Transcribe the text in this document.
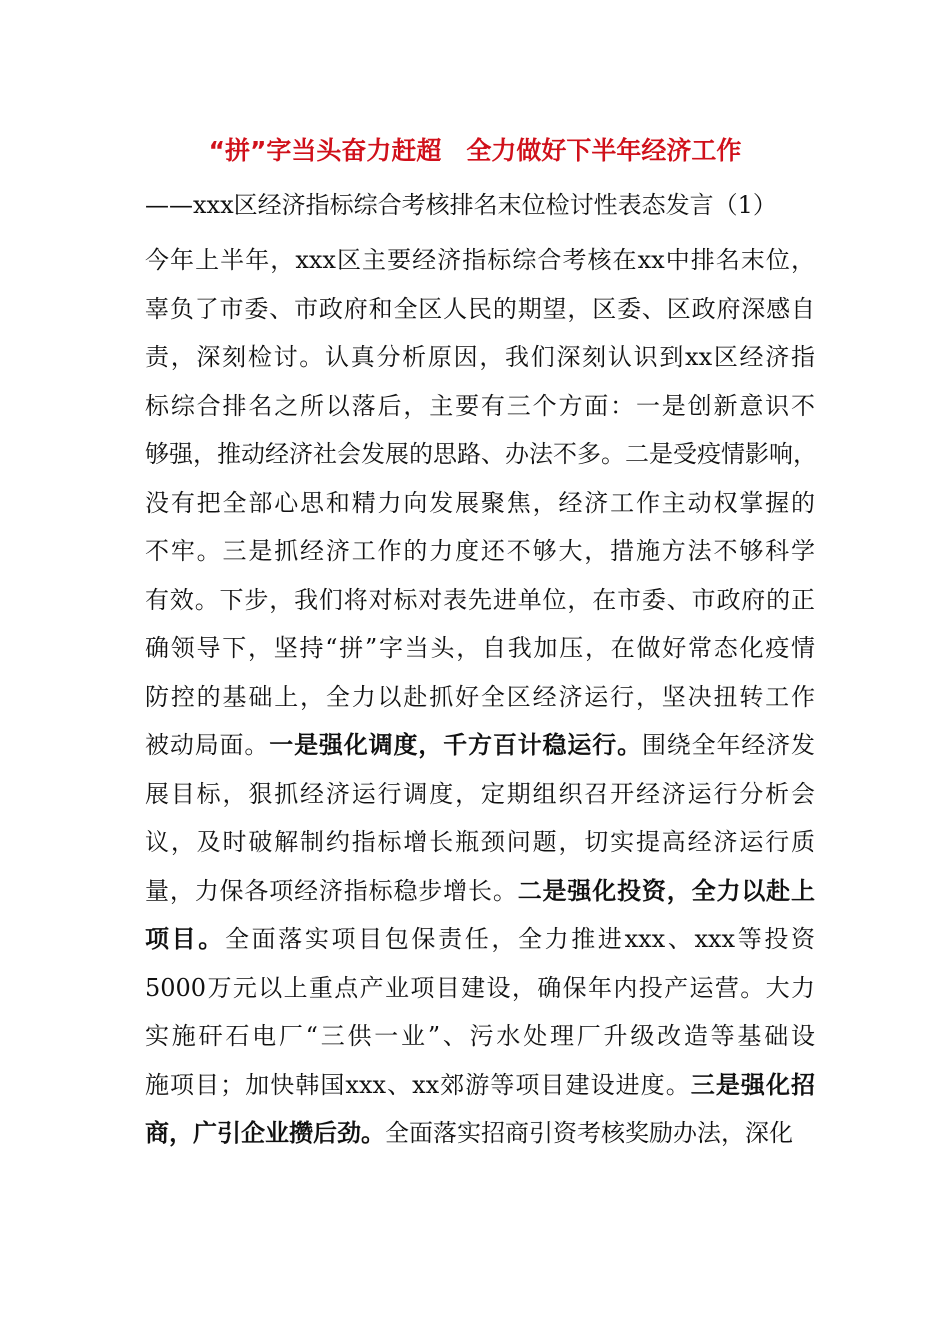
“拼”字当头奋力赶超　全力做好下半年经济工作
——xxx区经济指标综合考核排名末位检讨性表态发言（1）
今年上半年，xxx区主要经济指标综合考核在xx中排名末位，
辜负了市委、市政府和全区人民的期望，区委、区政府深感自
责，深刻检讨。认真分析原因，我们深刻认识到xx区经济指
标综合排名之所以落后，主要有三个方面：一是创新意识不
够强，推动经济社会发展的思路、办法不多。二是受疫情影响，
没有把全部心思和精力向发展聚焦，经济工作主动权掌握的
不牢。三是抓经济工作的力度还不够大，措施方法不够科学
有效。下步，我们将对标对表先进单位，在市委、市政府的正
确领导下，坚持“拼”字当头，自我加压，在做好常态化疫情
防控的基础上，全力以赴抓好全区经济运行，坚决扭转工作
被动局面。一是强化调度，千方百计稳运行。围绕全年经济发
展目标，狠抓经济运行调度，定期组织召开经济运行分析会
议，及时破解制约指标增长瓶颈问题，切实提高经济运行质
量，力保各项经济指标稳步增长。二是强化投资，全力以赴上
项目。全面落实项目包保责任，全力推进xxx、xxx等投资
5000万元以上重点产业项目建设，确保年内投产运营。大力
实施矸石电厂“三供一业”、污水处理厂升级改造等基础设
施项目；加快韩国xxx、xx郊游等项目建设进度。三是强化招
商，广引企业攒后劲。全面落实招商引资考核奖励办法，深化
